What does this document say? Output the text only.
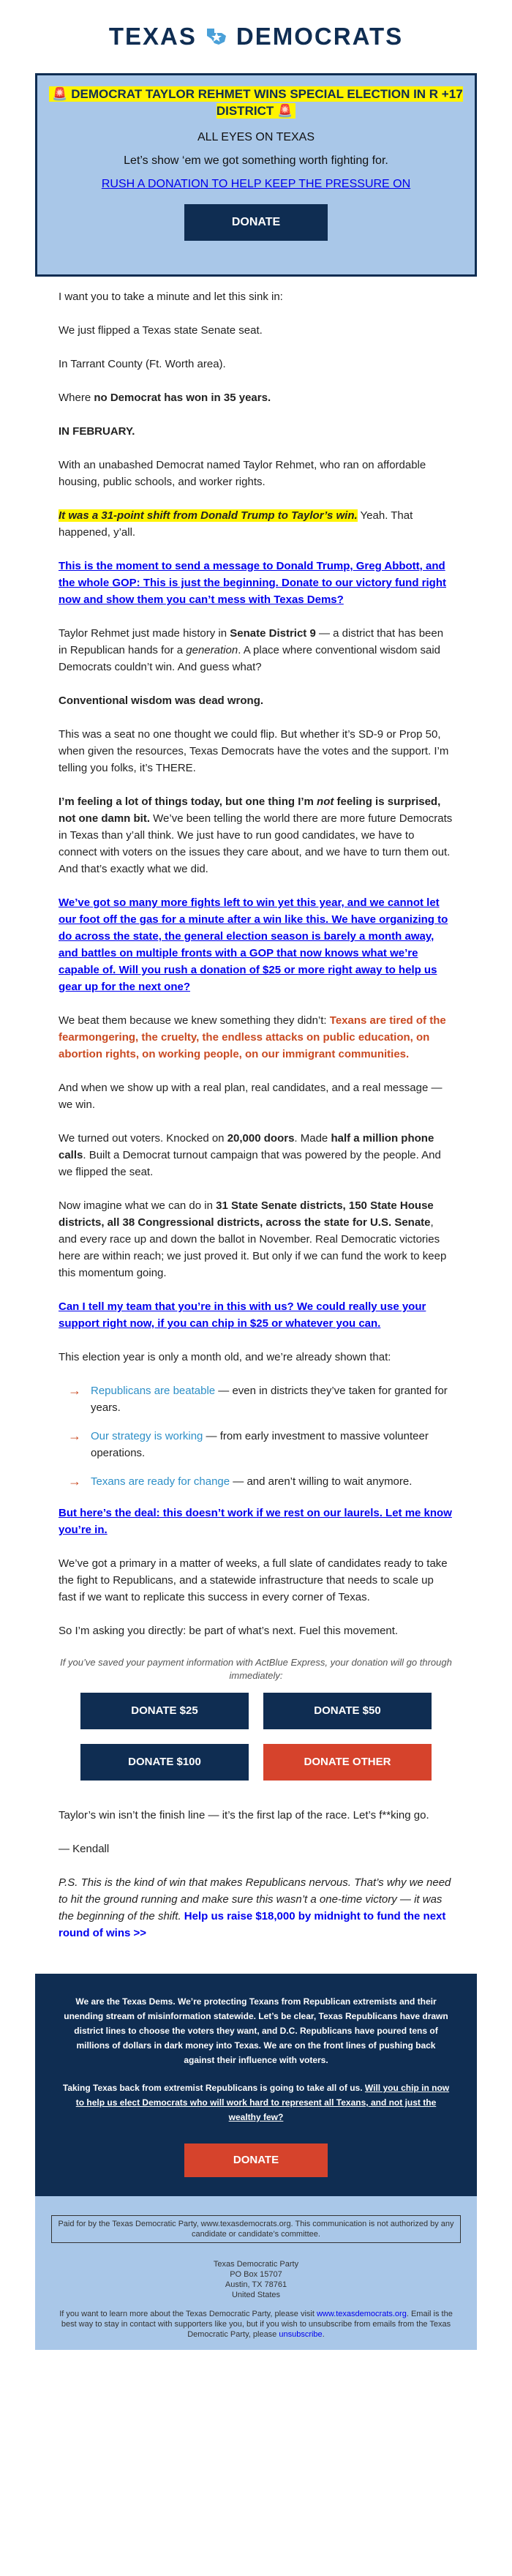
TEXAS DEMOCRATS
🚨 DEMOCRAT TAYLOR REHMET WINS SPECIAL ELECTION IN R +17 DISTRICT 🚨
ALL EYES ON TEXAS
Let’s show ‘em we got something worth fighting for.
RUSH A DONATION TO HELP KEEP THE PRESSURE ON
DONATE

I want you to take a minute and let this sink in:

We just flipped a Texas state Senate seat.

In Tarrant County (Ft. Worth area).

Where no Democrat has won in 35 years.

IN FEBRUARY.

With an unabashed Democrat named Taylor Rehmet, who ran on affordable housing, public schools, and worker rights.

It was a 31-point shift from Donald Trump to Taylor’s win. Yeah. That happened, y’all.

This is the moment to send a message to Donald Trump, Greg Abbott, and the whole GOP: This is just the beginning. Donate to our victory fund right now and show them you can’t mess with Texas Dems?

Taylor Rehmet just made history in Senate District 9 — a district that has been in Republican hands for a generation. A place where conventional wisdom said Democrats couldn’t win. And guess what?

Conventional wisdom was dead wrong.

This was a seat no one thought we could flip. But whether it’s SD-9 or Prop 50, when given the resources, Texas Democrats have the votes and the support. I’m telling you folks, it’s THERE.

I’m feeling a lot of things today, but one thing I’m not feeling is surprised, not one damn bit. We’ve been telling the world there are more future Democrats in Texas than y’all think. We just have to run good candidates, we have to connect with voters on the issues they care about, and we have to turn them out. And that’s exactly what we did.

We’ve got so many more fights left to win yet this year, and we cannot let our foot off the gas for a minute after a win like this. We have organizing to do across the state, the general election season is barely a month away, and battles on multiple fronts with a GOP that now knows what we’re capable of. Will you rush a donation of $25 or more right away to help us gear up for the next one?

We beat them because we knew something they didn’t: Texans are tired of the fearmongering, the cruelty, the endless attacks on public education, on abortion rights, on working people, on our immigrant communities.

And when we show up with a real plan, real candidates, and a real message — we win.

We turned out voters. Knocked on 20,000 doors. Made half a million phone calls. Built a Democrat turnout campaign that was powered by the people. And we flipped the seat.

Now imagine what we can do in 31 State Senate districts, 150 State House districts, all 38 Congressional districts, across the state for U.S. Senate, and every race up and down the ballot in November. Real Democratic victories here are within reach; we just proved it. But only if we can fund the work to keep this momentum going.

Can I tell my team that you’re in this with us? We could really use your support right now, if you can chip in $25 or whatever you can.

This election year is only a month old, and we’re already shown that:

→ Republicans are beatable — even in districts they’ve taken for granted for years.
→ Our strategy is working — from early investment to massive volunteer operations.
→ Texans are ready for change — and aren’t willing to wait anymore.

But here’s the deal: this doesn’t work if we rest on our laurels. Let me know you’re in.

We’ve got a primary in a matter of weeks, a full slate of candidates ready to take the fight to Republicans, and a statewide infrastructure that needs to scale up fast if we want to replicate this success in every corner of Texas.

So I’m asking you directly: be part of what’s next. Fuel this movement.

If you’ve saved your payment information with ActBlue Express, your donation will go through immediately:
DONATE $25	DONATE $50
DONATE $100	DONATE OTHER

Taylor’s win isn’t the finish line — it’s the first lap of the race. Let’s f**king go.

— Kendall

P.S. This is the kind of win that makes Republicans nervous. That’s why we need to hit the ground running and make sure this wasn’t a one-time victory — it was the beginning of the shift. Help us raise $18,000 by midnight to fund the next round of wins >>

We are the Texas Dems. We’re protecting Texans from Republican extremists and their unending stream of misinformation statewide. Let’s be clear, Texas Republicans have drawn district lines to choose the voters they want, and D.C. Republicans have poured tens of millions of dollars in dark money into Texas. We are on the front lines of pushing back against their influence with voters.

Taking Texas back from extremist Republicans is going to take all of us. Will you chip in now to help us elect Democrats who will work hard to represent all Texans, and not just the wealthy few?

DONATE
Paid for by the Texas Democratic Party, www.texasdemocrats.org. This communication is not authorized by any candidate or candidate’s committee.
Texas Democratic Party
PO Box 15707
Austin, TX 78761
United States
If you want to learn more about the Texas Democratic Party, please visit www.texasdemocrats.org. Email is the best way to stay in contact with supporters like you, but if you wish to unsubscribe from emails from the Texas Democratic Party, please unsubscribe.
